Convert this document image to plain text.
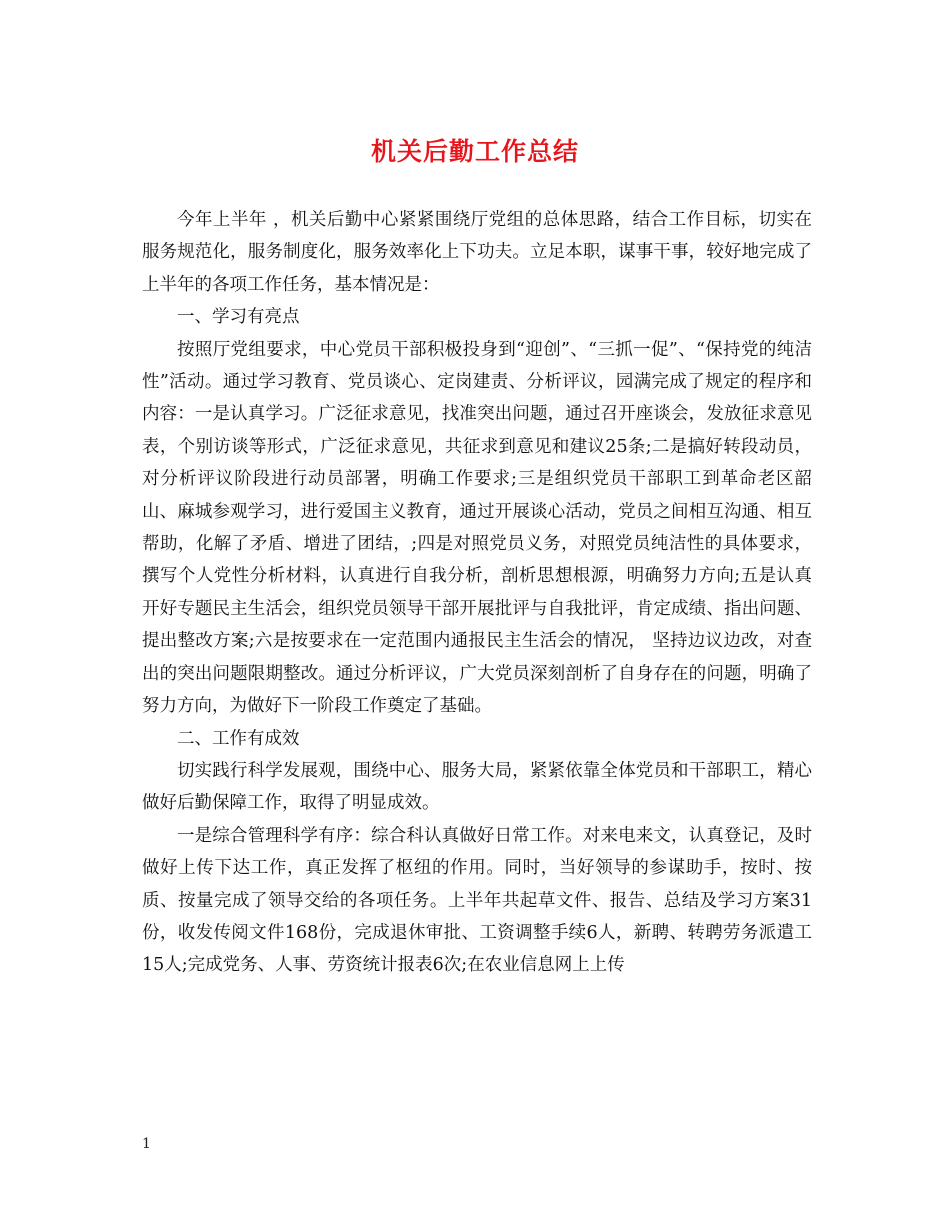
机关后勤工作总结

今年上半年 ，机关后勤中心紧紧围绕厅党组的总体思路，结合工作目标，切实在服务规范化，服务制度化，服务效率化上下功夫。立足本职，谋事干事，较好地完成了上半年的各项工作任务，基本情况是：

一、学习有亮点

按照厅党组要求，中心党员干部积极投身到“迎创”、“三抓一促”、“保持党的纯洁性”活动。通过学习教育、党员谈心、定岗建责、分析评议，园满完成了规定的程序和内容：一是认真学习。广泛征求意见，找准突出问题，通过召开座谈会，发放征求意见表，个别访谈等形式，广泛征求意见，共征求到意见和建议25条;二是搞好转段动员，对分析评议阶段进行动员部署，明确工作要求;三是组织党员干部职工到革命老区韶山、麻城参观学习，进行爱国主义教育，通过开展谈心活动，党员之间相互沟通、相互帮助，化解了矛盾、增进了团结，;四是对照党员义务，对照党员纯洁性的具体要求，撰写个人党性分析材料，认真进行自我分析，剖析思想根源，明确努力方向;五是认真开好专题民主生活会，组织党员领导干部开展批评与自我批评，肯定成绩、指出问题、提出整改方案;六是按要求在一定范围内通报民主生活会的情况， 坚持边议边改，对查出的突出问题限期整改。通过分析评议，广大党员深刻剖析了自身存在的问题，明确了努力方向，为做好下一阶段工作奠定了基础。

二、工作有成效

切实践行科学发展观，围绕中心、服务大局，紧紧依靠全体党员和干部职工，精心做好后勤保障工作，取得了明显成效。

一是综合管理科学有序：综合科认真做好日常工作。对来电来文，认真登记，及时做好上传下达工作，真正发挥了枢纽的作用。同时，当好领导的参谋助手，按时、按质、按量完成了领导交给的各项任务。上半年共起草文件、报告、总结及学习方案31份，收发传阅文件168份，完成退休审批、工资调整手续6人，新聘、转聘劳务派遣工15人;完成党务、人事、劳资统计报表6次;在农业信息网上上传

1
